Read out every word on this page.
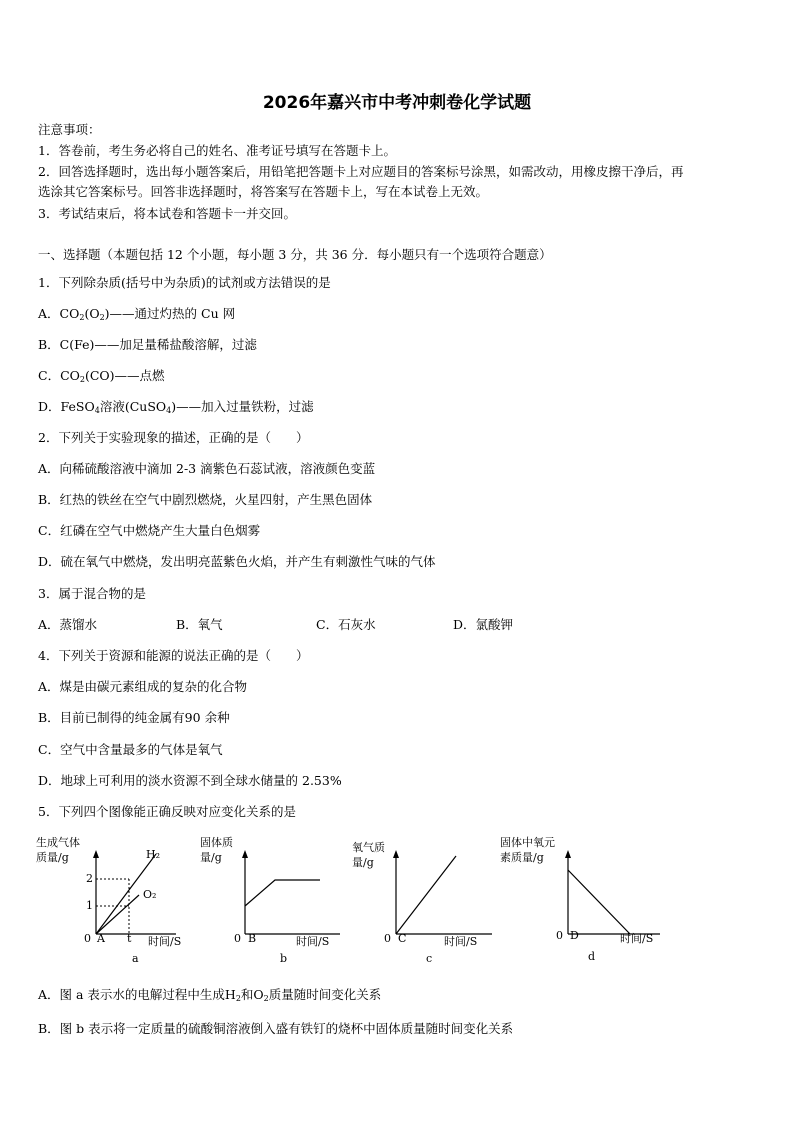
2026年嘉兴市中考冲刺卷化学试题
注意事项：
1．答卷前，考生务必将自己的姓名、准考证号填写在答题卡上。
2．回答选择题时，选出每小题答案后，用铅笔把答题卡上对应题目的答案标号涂黑，如需改动，用橡皮擦干净后，再
选涂其它答案标号。回答非选择题时，将答案写在答题卡上，写在本试卷上无效。
3．考试结束后，将本试卷和答题卡一并交回。
一、选择题（本题包括 12 个小题，每小题 3 分，共 36 分．每小题只有一个选项符合题意）
1．下列除杂质(括号中为杂质)的试剂或方法错误的是
A．$CO_2(O_2)——$通过灼热的 Cu 网
B．C(Fe)——加足量稀盐酸溶解，过滤
C．$CO_2(CO)——$点燃
D．FeSO$_4$溶液(CuSO$_4$)——加入过量铁粉，过滤
2．下列关于实验现象的描述，正确的是（　　）
A．向稀硫酸溶液中滴加 2-3 滴紫色石蕊试液，溶液颜色变蓝
B．红热的铁丝在空气中剧烈燃烧，火星四射，产生黑色固体
C．红磷在空气中燃烧产生大量白色烟雾
D．硫在氧气中燃烧，发出明亮蓝紫色火焰，并产生有刺激性气味的气体
3．属于混合物的是
A．蒸馏水	B．氧气	C．石灰水	D．氯酸钾
4．下列关于资源和能源的说法正确的是（　　）
A．煤是由碳元素组成的复杂的化合物
B．目前已制得的纯金属有90 余种
C．空气中含量最多的气体是氧气
D．地球上可利用的淡水资源不到全球水储量的 2.53%
5．下列四个图像能正确反映对应变化关系的是
生成气体
质量/g
2
1
0 A t 时间/S
H₂
O₂
a
固体质
量/g
0 B	时间/S
b
氧气质
量/g
0 C	时间/S
c
固体中氧元
素质量/g
0 D	时间/S
d
A．图 a 表示水的电解过程中生成$H_2$和$O_2$质量随时间变化关系
B．图 b 表示将一定质量的硫酸铜溶液倒入盛有铁钉的烧杯中固体质量随时间变化关系
